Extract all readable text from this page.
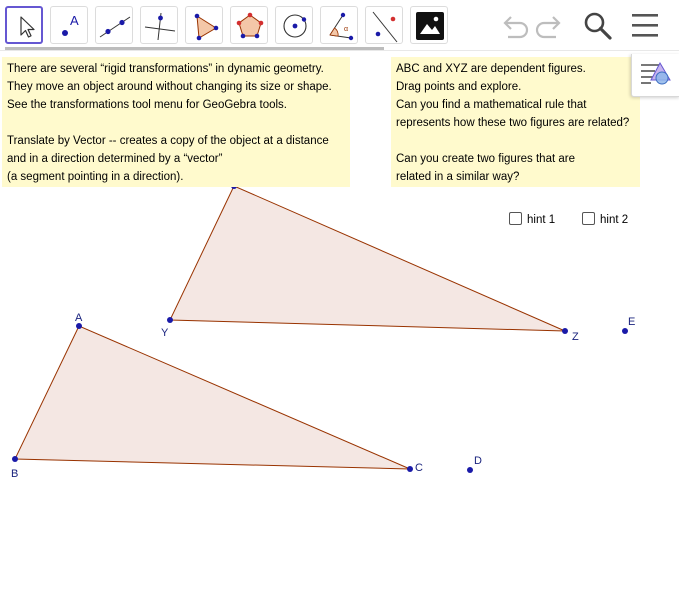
A
α
Y	Z
E
A
B	C
D
There are several “rigid transformations” in dynamic geometry.
They move an object around without changing its size or shape.
See the transformations tool menu for GeoGebra tools.
Translate by Vector -- creates a copy of the object at a distance
and in a direction determined by a “vector”
(a segment pointing in a direction).
ABC and XYZ are dependent figures.
Drag points and explore.
Can you find a mathematical rule that
represents how these two figures are related?
Can you create two figures that are
related in a similar way?
hint 1	hint 2
